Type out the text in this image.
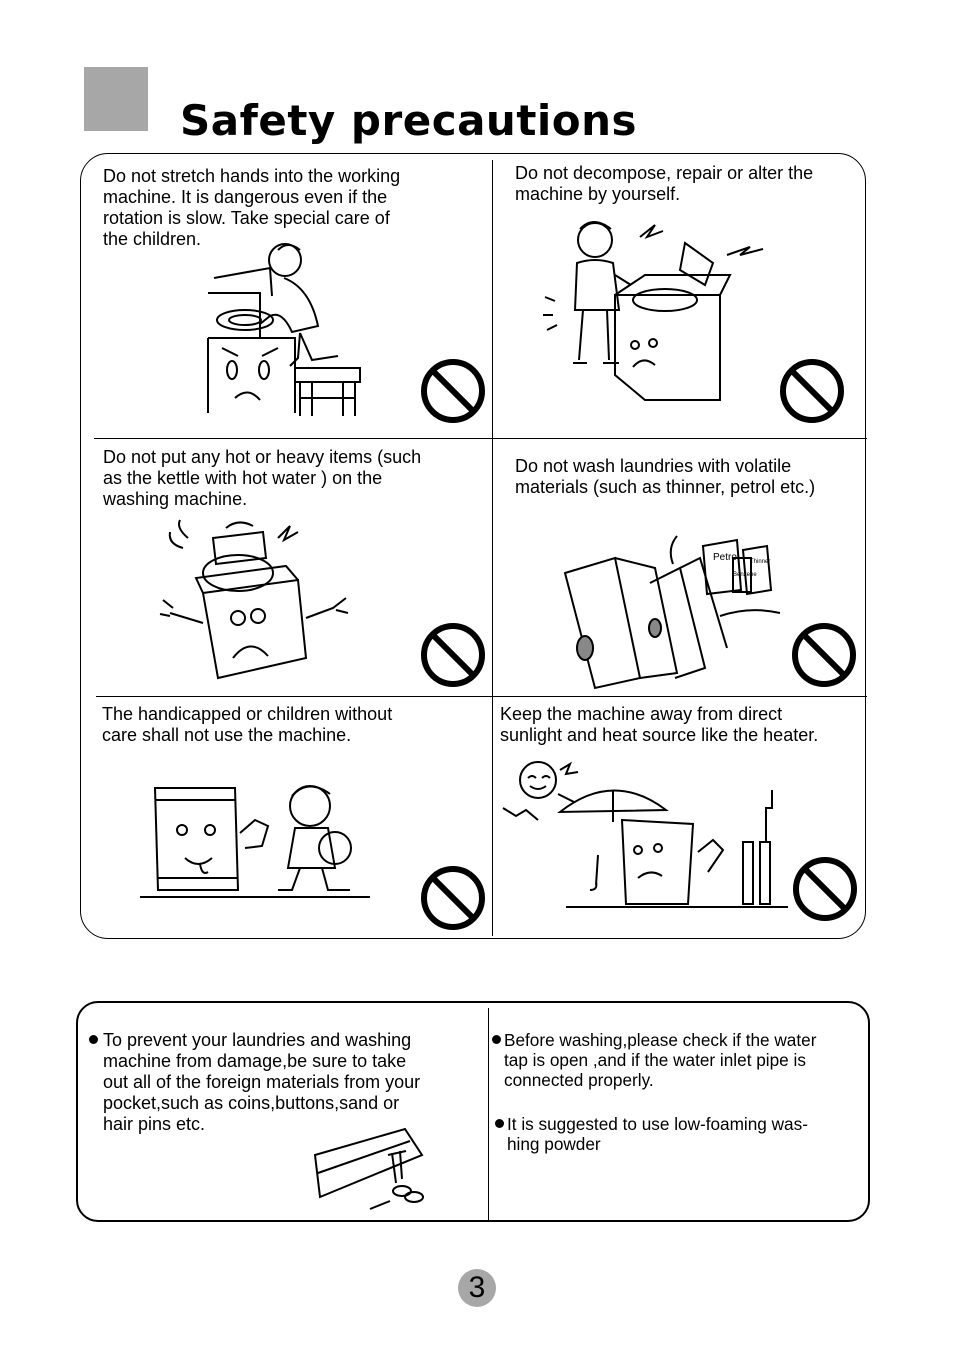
Safety precautions

Do not stretch hands into the working
machine. It is dangerous even if the
rotation is slow. Take special care of
the children.

Do not decompose, repair or alter the
machine by yourself.

Do not put any hot or heavy items (such
as the kettle with hot water ) on the
washing machine.

Do not wash laundries with volatile
materials (such as thinner, petrol etc.)

Petrol
Benzene
Thinner

The handicapped or children without
care shall not use the machine.

Keep the machine away from direct
sunlight and heat source like the heater.

To prevent your laundries and washing
machine from damage,be sure to take
out all of the foreign materials from your
pocket,such as coins,buttons,sand or
hair pins etc.

Before washing,please check if the water
tap is open ,and if the water inlet pipe is
connected properly.

It is suggested to use low-foaming was-
hing powder

3
